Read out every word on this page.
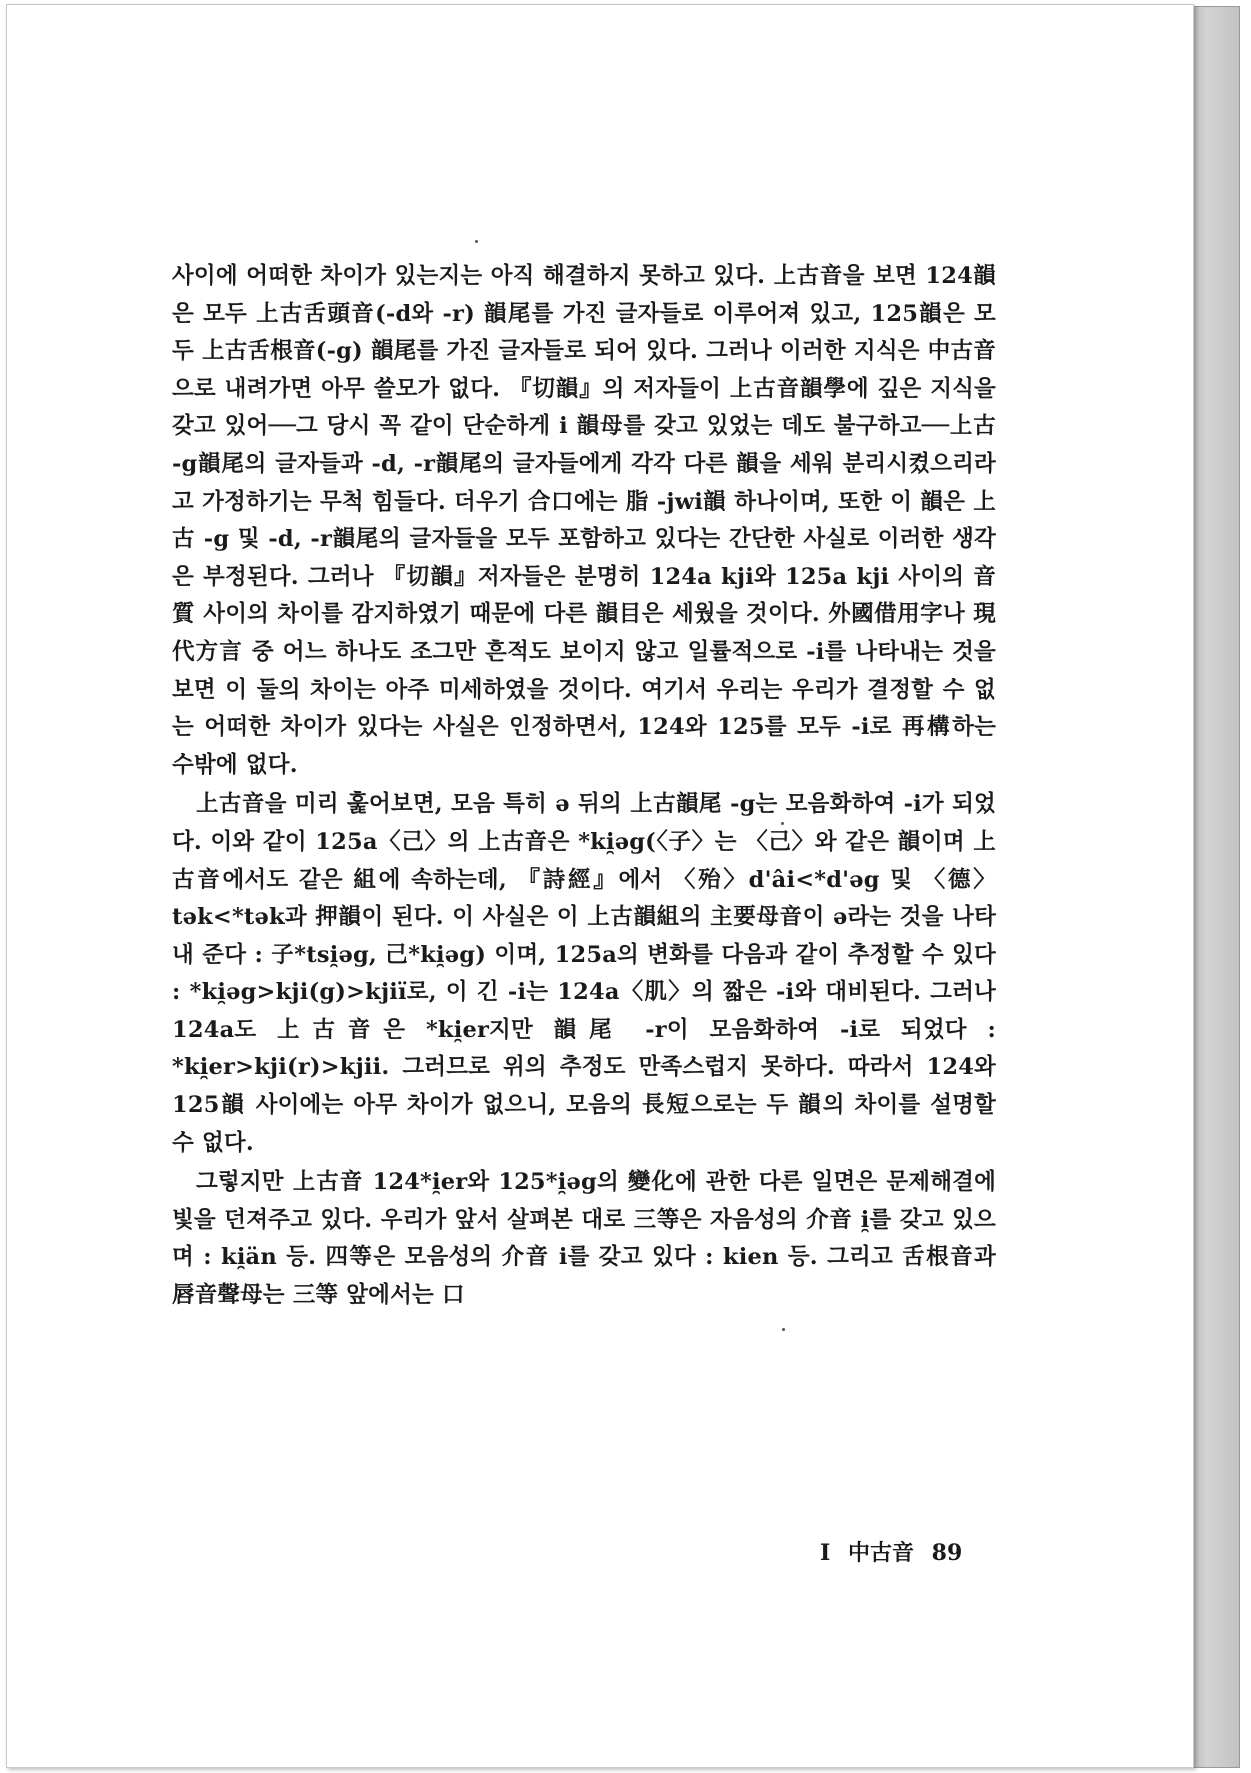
사이에 어떠한 차이가 있는지는 아직 해결하지 못하고 있다. 上古音을 보면 124韻은 모두 上古舌頭音(-d와 -r) 韻尾를 가진 글자들로 이루어져 있고, 125韻은 모두 上古舌根音(-g) 韻尾를 가진 글자들로 되어 있다. 그러나 이러한 지식은 中古音으로 내려가면 아무 쓸모가 없다. 『切韻』의 저자들이 上古音韻學에 깊은 지식을 갖고 있어──그 당시 꼭 같이 단순하게 i 韻母를 갖고 있었는 데도 불구하고──上古 -g韻尾의 글자들과 -d, -r韻尾의 글자들에게 각각 다른 韻을 세워 분리시켰으리라고 가정하기는 무척 힘들다. 더우기 合口에는 脂 -jwi韻 하나이며, 또한 이 韻은 上古 -g 및 -d, -r韻尾의 글자들을 모두 포함하고 있다는 간단한 사실로 이러한 생각은 부정된다. 그러나 『切韻』저자들은 분명히 124a kji와 125a kji 사이의 音質 사이의 차이를 감지하였기 때문에 다른 韻目은 세웠을 것이다. 外國借用字나 現代方言 중 어느 하나도 조그만 흔적도 보이지 않고 일률적으로 -i를 나타내는 것을 보면 이 둘의 차이는 아주 미세하였을 것이다. 여기서 우리는 우리가 결정할 수 없는 어떠한 차이가 있다는 사실은 인정하면서, 124와 125를 모두 -i로 再構하는 수밖에 없다.

上古音을 미리 훑어보면, 모음 특히 ə 뒤의 上古韻尾 -g는 모음화하여 -i가 되었다. 이와 같이 125a〈己〉의 上古音은 *ki̯əg(〈子〉는 〈己〉와 같은 韻이며 上古音에서도 같은 組에 속하는데, 『詩經』에서 〈殆〉d'âi<*d'əg 및 〈德〉tək<*tək과 押韻이 된다. 이 사실은 이 上古韻組의 主要母音이 ə라는 것을 나타내 준다 : 子*tsi̯əg, 己*ki̯əg) 이며, 125a의 변화를 다음과 같이 추정할 수 있다 : *ki̯əg>kji(g)>kjiï로, 이 긴 -i는 124a〈肌〉의 짧은 -i와 대비된다. 그러나 124a도 上古音은 *ki̯er지만 韻尾 -r이 모음화하여 -i로 되었다 : *ki̯er>kji(r)>kjii. 그러므로 위의 추정도 만족스럽지 못하다. 따라서 124와 125韻 사이에는 아무 차이가 없으니, 모음의 長短으로는 두 韻의 차이를 설명할 수 없다.

그렇지만 上古音 124*i̯er와 125*i̯əg의 變化에 관한 다른 일면은 문제해결에 빛을 던져주고 있다. 우리가 앞서 살펴본 대로 三等은 자음성의 介音 i̯를 갖고 있으며 : ki̯än 등. 四等은 모음성의 介音 i를 갖고 있다 : kien 등. 그리고 舌根音과 唇音聲母는 三等 앞에서는 口

I 中古音 89
